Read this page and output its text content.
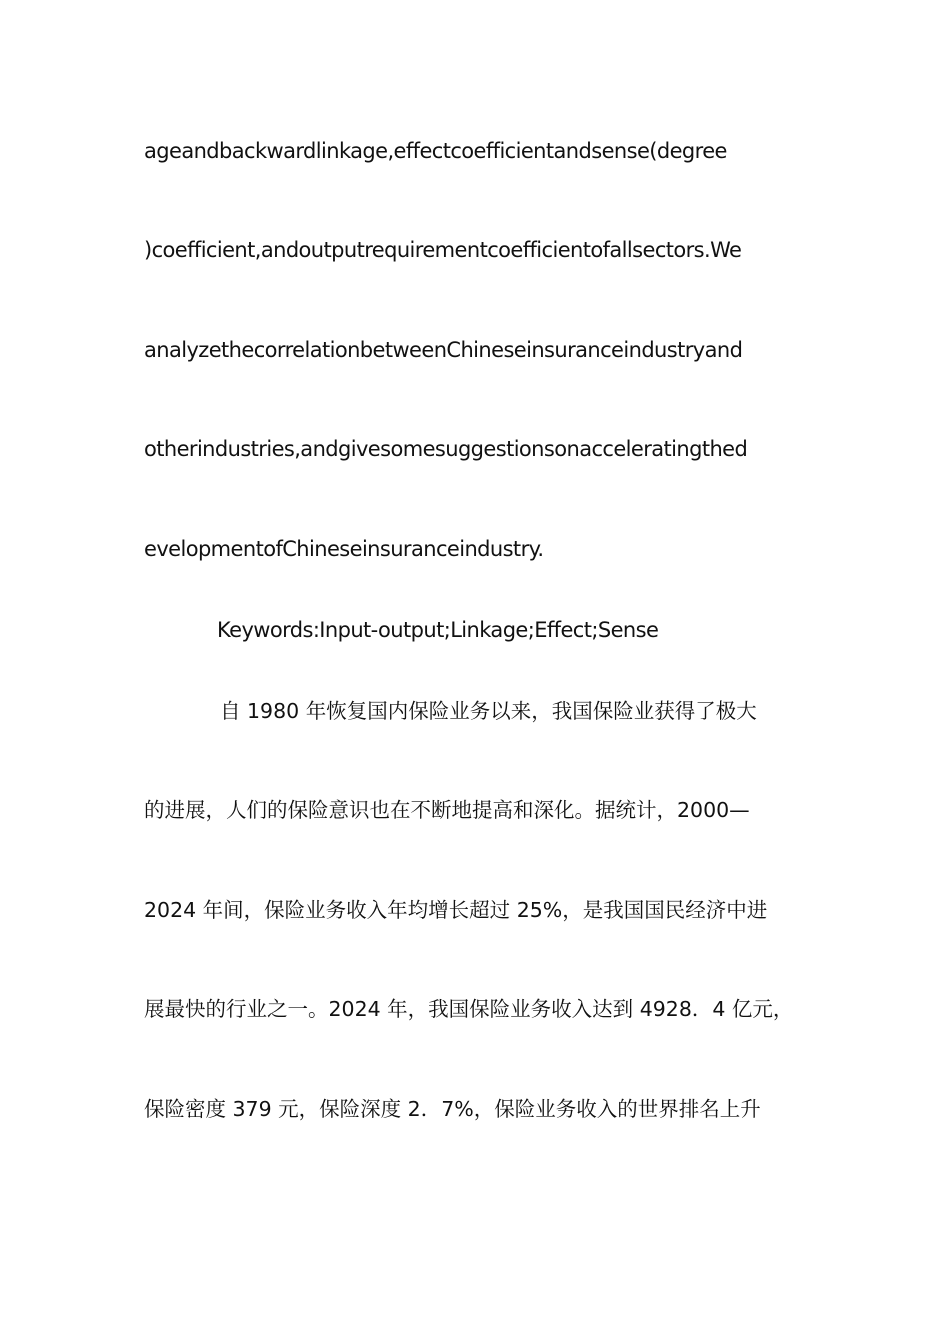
ageandbackwardlinkage,effectcoefficientandsense(degree
)coefficient,andoutputrequirementcoefficientofallsectors.We
analyzethecorrelationbetweenChineseinsuranceindustryand
otherindustries,andgivesomesuggestionsonacceleratingthed
evelopmentofChineseinsuranceindustry.
Keywords:Input-output;Linkage;Effect;Sense
自 1980 年恢复国内保险业务以来，我国保险业获得了极大
的进展，人们的保险意识也在不断地提高和深化。据统计，2000—
2024 年间，保险业务收入年均增长超过 25%，是我国国民经济中进
展最快的行业之一。2024 年，我国保险业务收入达到 4928．4 亿元，
保险密度 379 元，保险深度 2．7%，保险业务收入的世界排名上升
